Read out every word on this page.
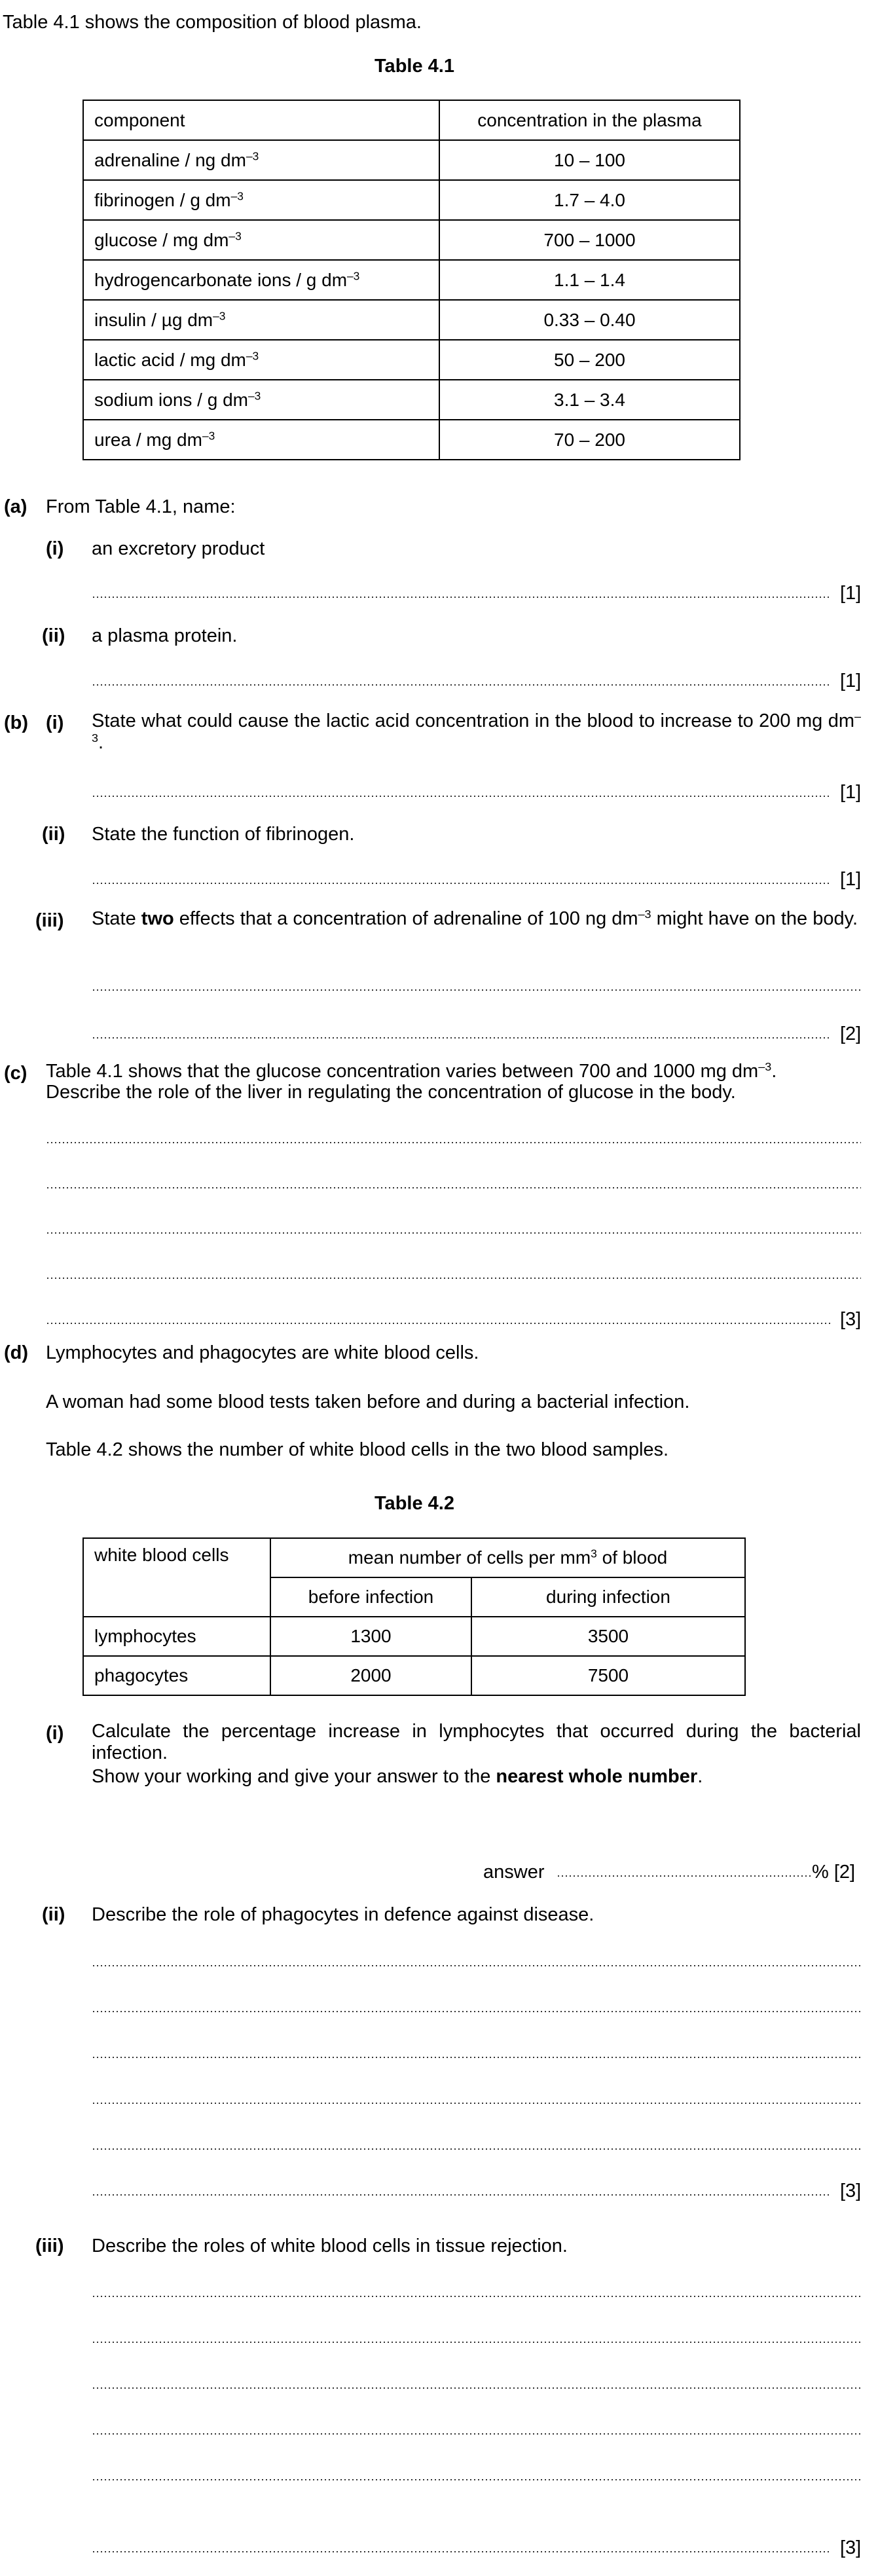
Table 4.1 shows the composition of blood plasma.
Table 4.1
component	concentration in the plasma
adrenaline / ng $dm^{-3}$	10 – 100
fibrinogen / g $dm^{-3}$	1.7 – 4.0
glucose / mg $dm^{-3}$	700 – 1000
hydrogencarbonate ions / g $dm^{-3}$	1.1 – 1.4
insulin / µg $dm^{-3}$	0.33 – 0.40
lactic acid / mg $dm^{-3}$	50 – 200
sodium ions / g $dm^{-3}$	3.1 – 3.4
urea / mg $dm^{-3}$	70 – 200
(a) From Table 4.1, name:
(i) an excretory product
[1]
(ii) a plasma protein.
[1]
(b) (i) State what could cause the lactic acid concentration in the blood to increase to 200 mg $dm^{-3}$.
[1]
(ii) State the function of fibrinogen.
[1]
(iii) State two effects that a concentration of adrenaline of 100 ng $dm^{-3}$ might have on the body.
[2]
(c) Table 4.1 shows that the glucose concentration varies between 700 and 1000 mg $dm^{-3}$.
Describe the role of the liver in regulating the concentration of glucose in the body.
[3]
(d) Lymphocytes and phagocytes are white blood cells.
A woman had some blood tests taken before and during a bacterial infection.
Table 4.2 shows the number of white blood cells in the two blood samples.
Table 4.2
white blood cells	mean number of cells per $mm^3$ of blood	
	before infection	during infection
lymphocytes	1300	3500
phagocytes	2000	7500
(i) Calculate the percentage increase in lymphocytes that occurred during the bacterial infection.
Show your working and give your answer to the nearest whole number.
answer	% [2]
(ii) Describe the role of phagocytes in defence against disease.
[3]
(iii) Describe the roles of white blood cells in tissue rejection.
[3]
